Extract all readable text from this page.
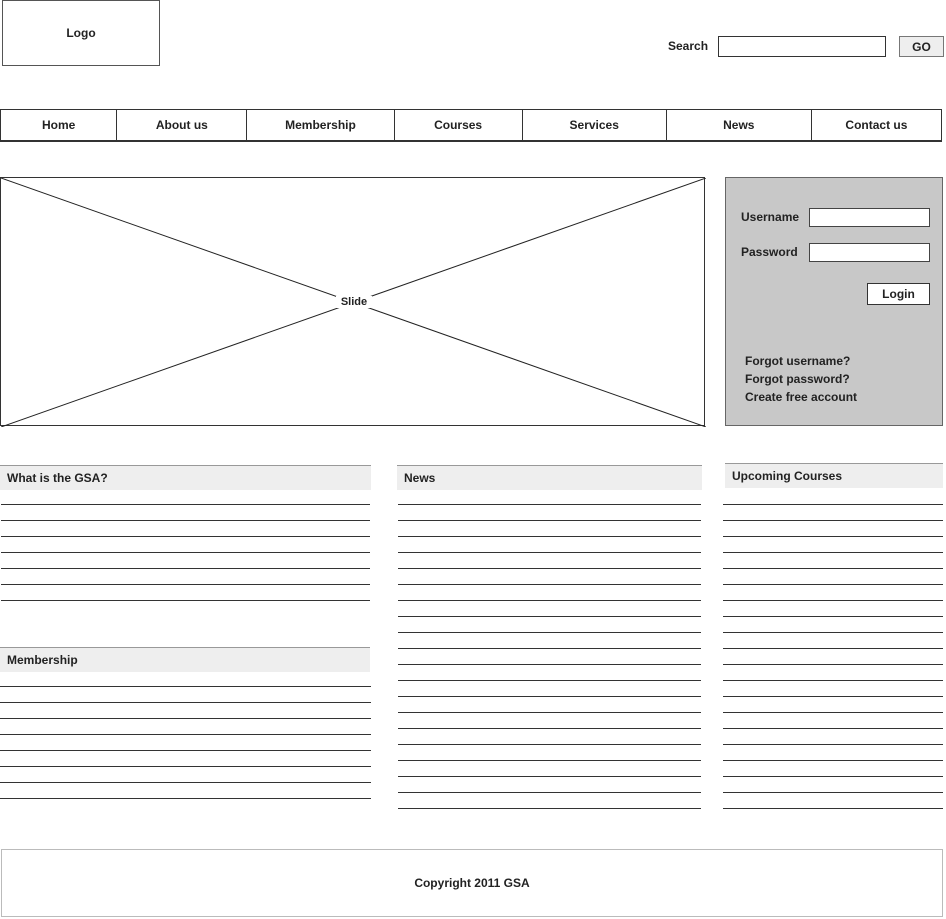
Logo
Search	GO
Home	About us	Membership	Courses	Services	News	Contact us
Slide
Username
Password
Login
Forgot username?
Forgot password?
Create free account
What is the GSA?
Membership
News	Upcoming Courses
Copyright 2011 GSA
